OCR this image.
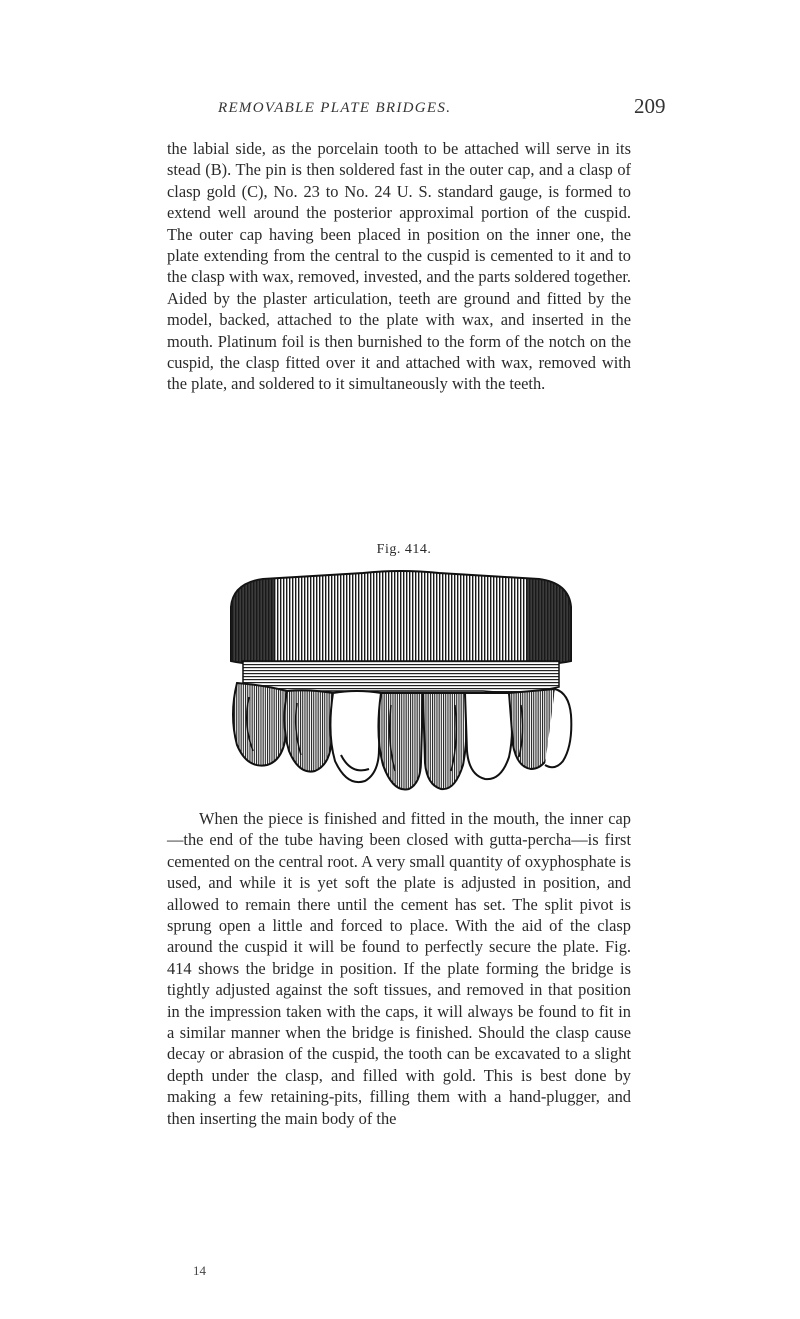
REMOVABLE PLATE BRIDGES.	209

the labial side, as the porcelain tooth to be attached will serve in its stead (B). The pin is then soldered fast in the outer cap, and a clasp of clasp gold (C), No. 23 to No. 24 U. S. standard gauge, is formed to extend well around the posterior approximal portion of the cuspid. The outer cap having been placed in position on the inner one, the plate extending from the central to the cuspid is cemented to it and to the clasp with wax, removed, invested, and the parts soldered together. Aided by the plaster articulation, teeth are ground and fitted by the model, backed, attached to the plate with wax, and inserted in the mouth. Platinum foil is then burnished to the form of the notch on the cuspid, the clasp fitted over it and attached with wax, removed with the plate, and soldered to it simultaneously with the teeth.

Fig. 414.

When the piece is finished and fitted in the mouth, the inner cap—the end of the tube having been closed with gutta-percha—is first cemented on the central root. A very small quantity of oxyphosphate is used, and while it is yet soft the plate is adjusted in position, and allowed to remain there until the cement has set. The split pivot is sprung open a little and forced to place. With the aid of the clasp around the cuspid it will be found to perfectly secure the plate. Fig. 414 shows the bridge in position. If the plate forming the bridge is tightly adjusted against the soft tissues, and removed in that position in the impression taken with the caps, it will always be found to fit in a similar manner when the bridge is finished. Should the clasp cause decay or abrasion of the cuspid, the tooth can be excavated to a slight depth under the clasp, and filled with gold. This is best done by making a few retaining-pits, filling them with a hand-plugger, and then inserting the main body of the

14
